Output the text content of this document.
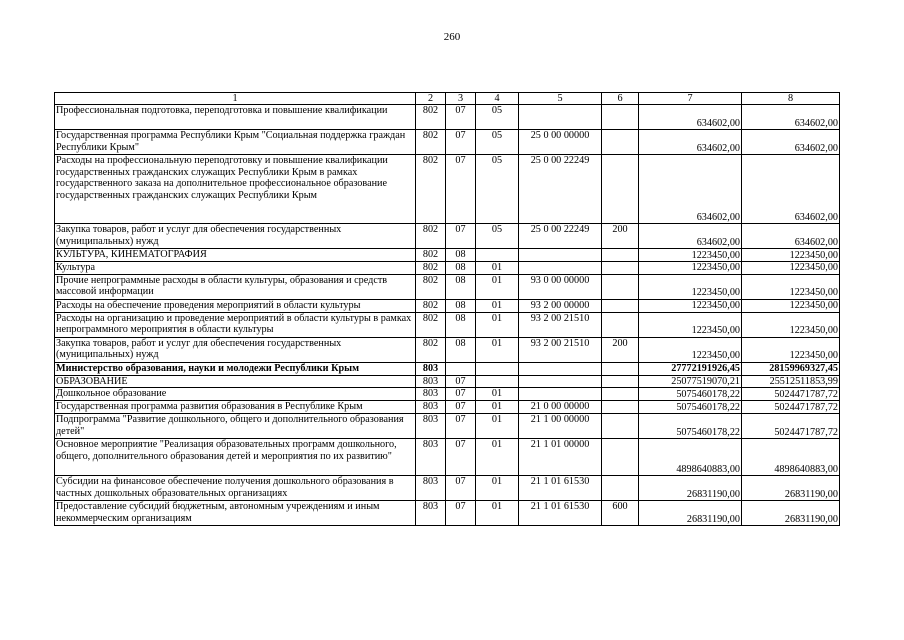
260
1	2	3	4	5	6	7	8
Профессиональная подготовка, переподготовка и повышение квалификации	802	07	05			634602,00	634602,00
Государственная программа Республики Крым "Социальная поддержка граждан Республики Крым"	802	07	05	25 0 00 00000		634602,00	634602,00
Расходы на профессиональную переподготовку и повышение квалификации государственных гражданских служащих Республики Крым в рамках государственного заказа на дополнительное профессиональное образование государственных гражданских служащих Республики Крым	802	07	05	25 0 00 22249		634602,00	634602,00
Закупка товаров, работ и услуг для обеспечения государственных (муниципальных) нужд	802	07	05	25 0 00 22249	200	634602,00	634602,00
КУЛЬТУРА, КИНЕМАТОГРАФИЯ	802	08				1223450,00	1223450,00
Культура	802	08	01			1223450,00	1223450,00
Прочие непрограммные расходы в области культуры, образования и средств массовой информации	802	08	01	93 0 00 00000		1223450,00	1223450,00
Расходы на обеспечение проведения мероприятий в области культуры	802	08	01	93 2 00 00000		1223450,00	1223450,00
Расходы на организацию и проведение мероприятий в области культуры в рамках непрограммного мероприятия в области культуры	802	08	01	93 2 00 21510		1223450,00	1223450,00
Закупка товаров, работ и услуг для обеспечения государственных (муниципальных) нужд	802	08	01	93 2 00 21510	200	1223450,00	1223450,00
Министерство образования, науки и молодежи Республики Крым	803					27772191926,45	28159969327,45
ОБРАЗОВАНИЕ	803	07				25077519070,21	25512511853,99
Дошкольное образование	803	07	01			5075460178,22	5024471787,72
Государственная программа развития образования в Республике Крым	803	07	01	21 0 00 00000		5075460178,22	5024471787,72
Подпрограмма "Развитие дошкольного, общего и дополнительного образования детей"	803	07	01	21 1 00 00000		5075460178,22	5024471787,72
Основное мероприятие "Реализация образовательных программ дошкольного, общего, дополнительного образования детей и мероприятия по их развитию"	803	07	01	21 1 01 00000		4898640883,00	4898640883,00
Субсидии на финансовое обеспечение получения дошкольного образования в частных дошкольных образовательных организациях	803	07	01	21 1 01 61530		26831190,00	26831190,00
Предоставление субсидий бюджетным, автономным учреждениям и иным некоммерческим организациям	803	07	01	21 1 01 61530	600	26831190,00	26831190,00
